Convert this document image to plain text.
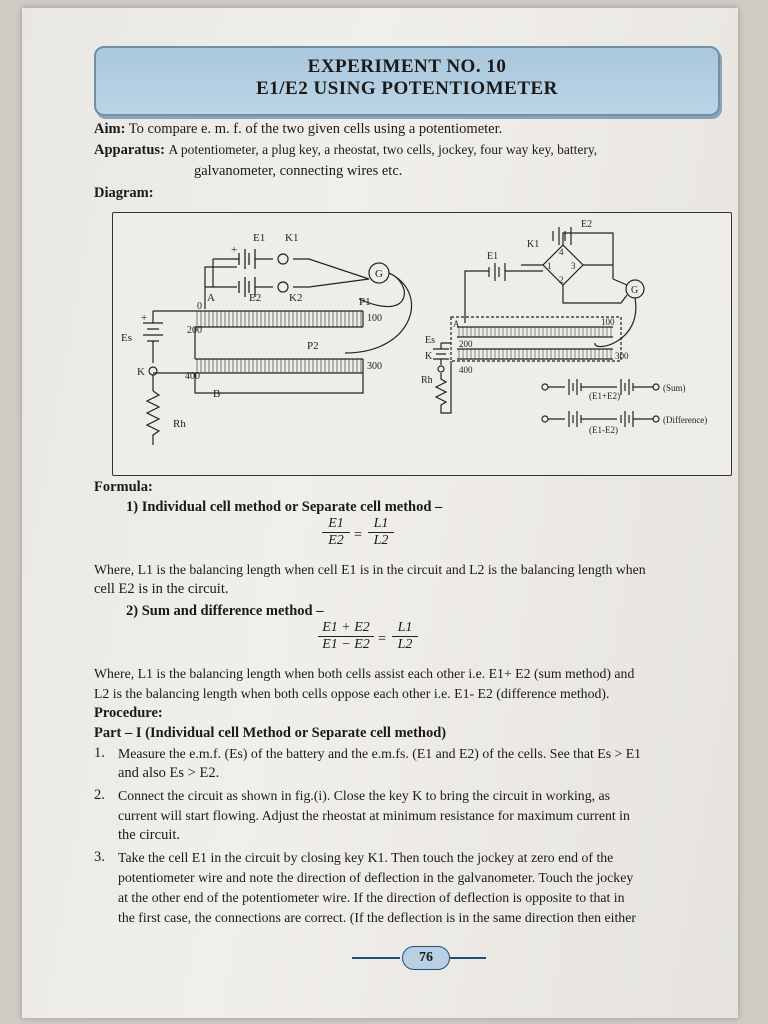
EXPERIMENT NO. 10
E1/E2 USING POTENTIOMETER
Aim: To compare e. m. f. of the two given cells using a potentiometer.
Apparatus: A potentiometer, a plug key, a rheostat, two cells, jockey, four way key, battery,
galvanometer, connecting wires etc.
Diagram:
E1 K1
E2	K2
G
A	P1
P2
B
Es
K
Rh
+
+
0
100
200
300
400
E2
K1
E1
1
2
3
4
G
A
Es
K
Rh
100
200
300
400
(E1+E2)
(Sum)
(E1-E2)
(Difference)
Formula:
1) Individual cell method or Separate cell method –
$\frac{E1}{E2} = \frac{L1}{L2}$
Where, L1 is the balancing length when cell E1 is in the circuit and L2 is the balancing length when
cell E2 is in the circuit.
2) Sum and difference method –
$\frac{E1 + E2}{E1 - E2} = \frac{L1}{L2}$
Where, L1 is the balancing length when both cells assist each other i.e. E1+ E2 (sum method) and
L2 is the balancing length when both cells oppose each other i.e. E1- E2 (difference method).
Procedure:
Part – I (Individual cell Method or Separate cell method)
1. Measure the e.m.f. (Es) of the battery and the e.m.fs. (E1 and E2) of the cells. See that Es > E1
and also Es > E2.
2. Connect the circuit as shown in fig.(i). Close the key K to bring the circuit in working, as
current will start flowing. Adjust the rheostat at minimum resistance for maximum current in
the circuit.
3. Take the cell E1 in the circuit by closing key K1. Then touch the jockey at zero end of the
potentiometer wire and note the direction of deflection in the galvanometer. Touch the jockey
at the other end of the potentiometer wire. If the direction of deflection is opposite to that in
the first case, the connections are correct. (If the deflection is in the same direction then either
76
